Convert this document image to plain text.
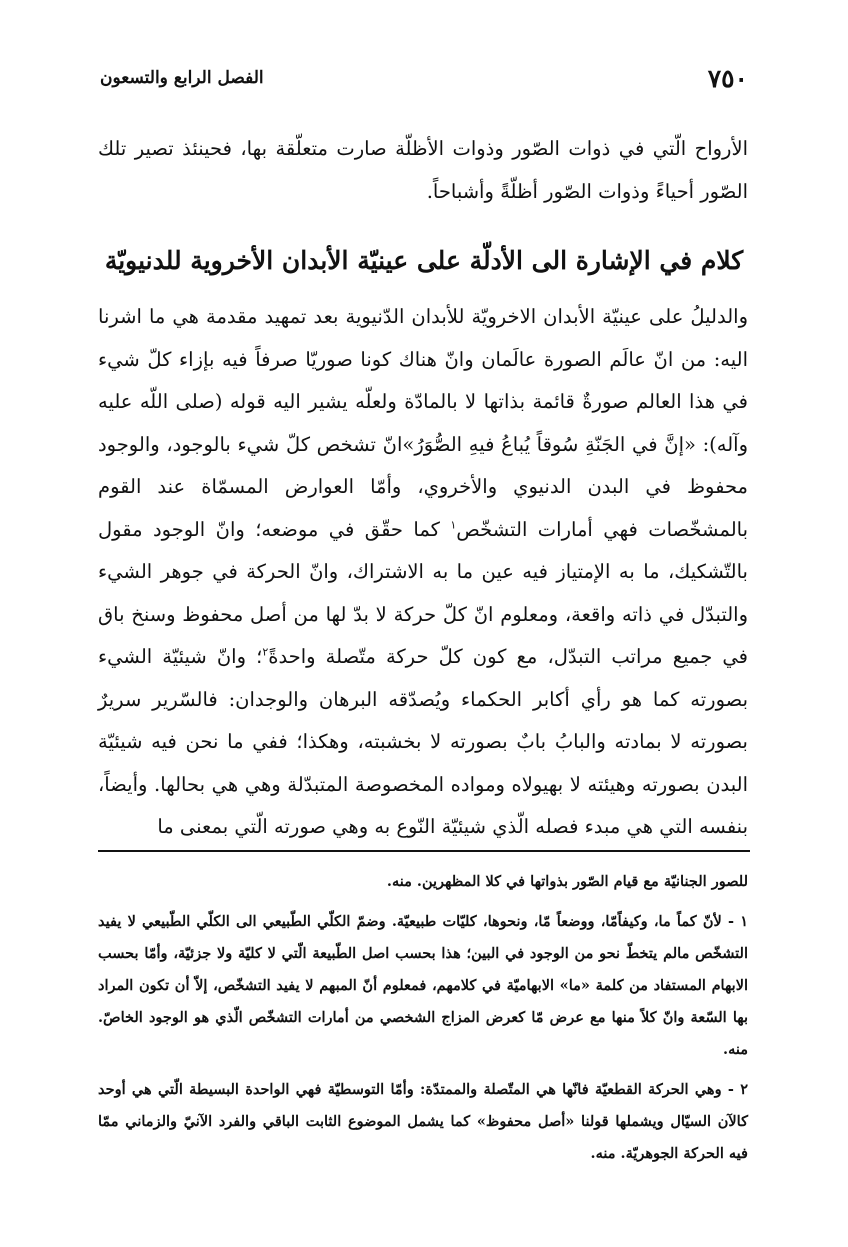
٧٥٠
الفصل الرابع والتسعون

الأرواح الّتي في ذوات الصّور وذوات الأظلّة صارت متعلّقة بها، فحينئذ تصير تلك الصّور أحياءً وذوات الصّور أظلّةً وأشباحاً.

كلام في الإشارة الى الأدلّة على عينيّة الأبدان الأخروية للدنيويّة

والدليلُ على عينيّة الأبدان الاخرويّة للأبدان الدّنيوية بعد تمهيد مقدمة هي ما اشرنا اليه: من انّ عالَم الصورة عالَمان وانّ هناك كونا صوريّا صرفاً فيه بإزاء كلّ شيء في هذا العالم صورةٌ قائمة بذاتها لا بالمادّة ولعلّه يشير اليه قوله (صلى اللّه عليه وآله): «إنَّ في الجَنّةِ سُوقاً يُباعُ فيهِ الصُّوَرُ»انّ تشخص كلّ شيء بالوجود، والوجود محفوظ في البدن الدنيوي والأخروي، وأمّا العوارض المسمّاة عند القوم بالمشخّصات فهي أمارات التشخّص$^١$ كما حقّق في موضعه؛ وانّ الوجود مقول بالتّشكيك، ما به الإمتياز فيه عين ما به الاشتراك، وانّ الحركة في جوهر الشيء والتبدّل في ذاته واقعة، ومعلوم انّ كلّ حركة لا بدّ لها من أصل محفوظ وسنخ باق في جميع مراتب التبدّل، مع كون كلّ حركة متّصلة واحدةً$^٢$؛ وانّ شيئيّة الشيء بصورته كما هو رأي أكابر الحكماء ويُصدّقه البرهان والوجدان: فالسّرير سريرٌ بصورته لا بمادته والبابُ بابٌ بصورته لا بخشبته، وهكذا؛ ففي ما نحن فيه شيئيّة البدن بصورته وهيئته لا بهيولاه ومواده المخصوصة المتبدّلة وهي هي بحالها. وأيضاً، بنفسه التي هي مبدء فصله الّذي شيئيّة النّوع به وهي صورته الّتي بمعنى ما

للصور الجنانيّة مع قيام الصّور بذواتها في كلا المظهرين. منه.

١ - لأنّ كماً ما، وكيفاًمّا، ووضعاً مّا، ونحوها، كليّات طبيعيّة. وضمّ الكلّي الطّبيعي الى الكلّي الطّبيعي لا يفيد التشخّص مالم يتخطّ نحو من الوجود في البين؛ هذا بحسب اصل الطّبيعة الّتي لا كليّة ولا جزئيّة، وأمّا بحسب الابهام المستفاد من كلمة «ما» الابهاميّة في كلامهم، فمعلوم أنّ المبهم لا يفيد التشخّص، إلاّ أن تكون المراد بها السّعة وانّ كلاً منها مع عرض مّا كعرض المزاج الشخصي من أمارات التشخّص الّذي هو الوجود الخاصّ. منه.

٢ - وهي الحركة القطعيّة فانّها هي المتّصلة والممتدّة: وأمّا التوسطيّة فهي الواحدة البسيطة الّتي هي أوحد كالآن السيّال ويشملها قولنا «أصل محفوظ» كما يشمل الموضوع الثابت الباقي والفرد الآنيّ والزماني ممّا فيه الحركة الجوهريّة. منه.
